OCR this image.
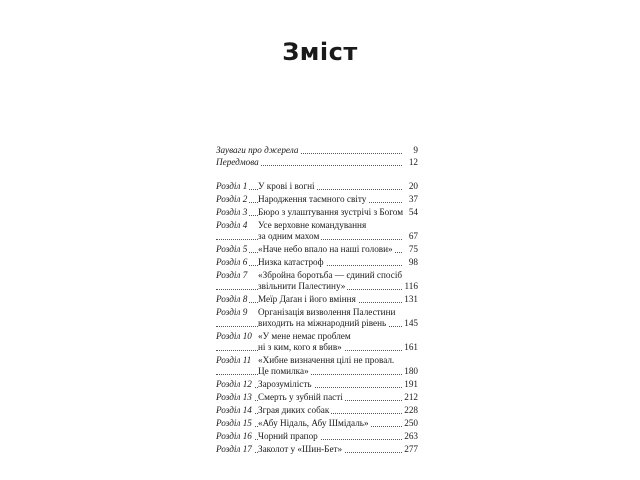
Зміст
Зауваги про джерела	9
Передмова	12
Розділ 1 У крові і вогні	20
Розділ 2 Народження таємного світу	37
Розділ 3 Бюро з улаштування зустрічі з Богом 54
Розділ 4 Усе верховне командування
за одним махом	67
Розділ 5 «Наче небо впало на наші голови» 75
Розділ 6 Низка катастроф	98
Розділ 7 «Збройна боротьба — єдиний спосіб
звільнити Палестину»	116
Розділ 8 Меїр Даґан і його вміння	131
Розділ 9 Організація визволення Палестини
виходить на міжнародний рівень 145
Розділ 10 «У мене немає проблем
ні з ким, кого я вбив»	161
Розділ 11 «Хибне визначення цілі не провал.
Це помилка»	180
Розділ 12 Зарозумілість	191
Розділ 13 Смерть у зубній пасті	212
Розділ 14 Зграя диких собак	228
Розділ 15 «Абу Нідаль, Абу Шмідаль»	250
Розділ 16 Чорний прапор	263
Розділ 17 Заколот у «Шин-Бет»	277
